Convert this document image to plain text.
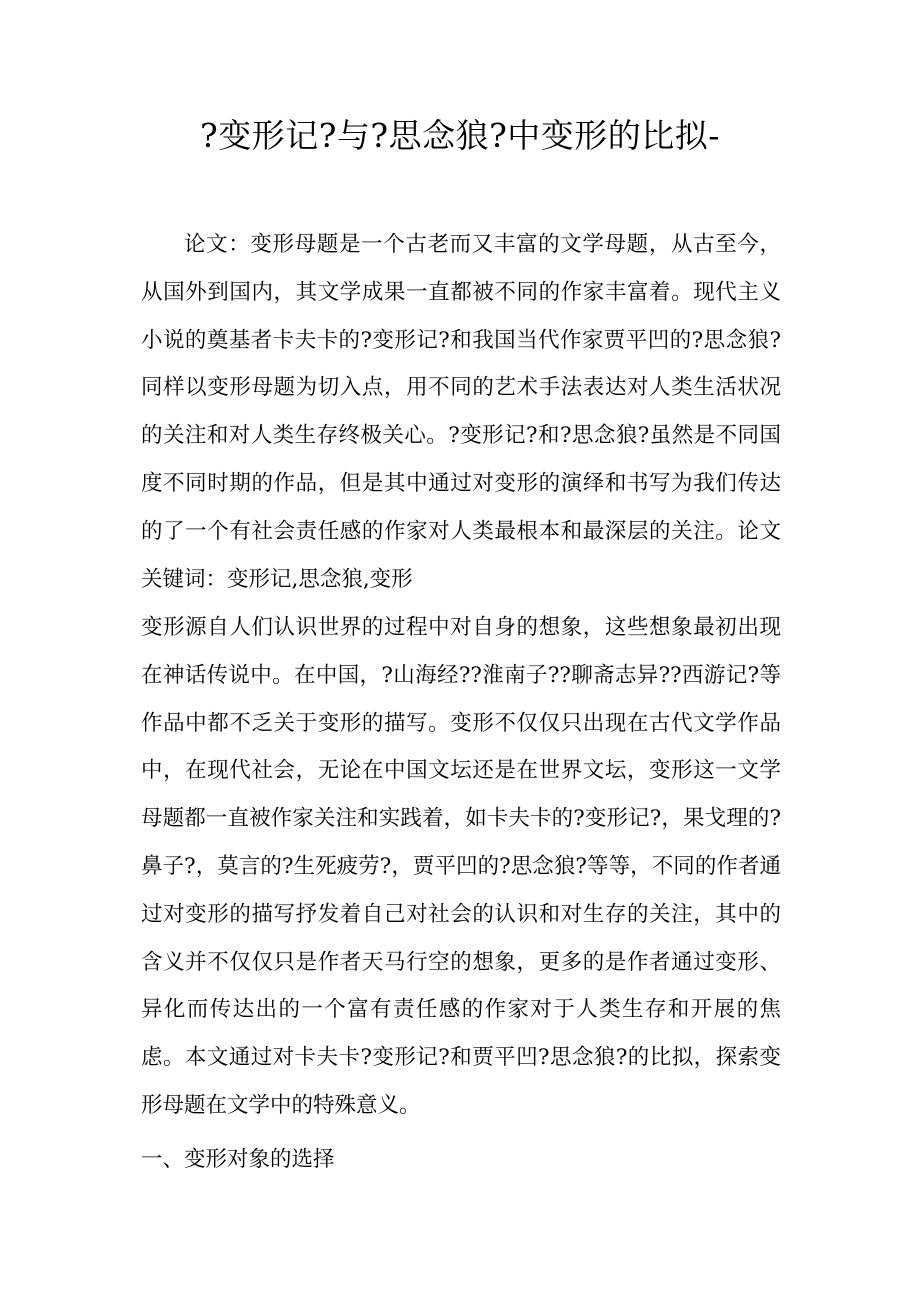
?变形记?与?思念狼?中变形的比拟-
论文：变形母题是一个古老而又丰富的文学母题，从古至今，从国外到国内，其文学成果一直都被不同的作家丰富着。现代主义小说的奠基者卡夫卡的?变形记?和我国当代作家贾平凹的?思念狼?同样以变形母题为切入点，用不同的艺术手法表达对人类生活状况的关注和对人类生存终极关心。?变形记?和?思念狼?虽然是不同国度不同时期的作品，但是其中通过对变形的演绎和书写为我们传达的了一个有社会责任感的作家对人类最根本和最深层的关注。论文关键词：变形记,思念狼,变形
变形源自人们认识世界的过程中对自身的想象，这些想象最初出现在神话传说中。在中国，?山海经??淮南子??聊斋志异??西游记?等作品中都不乏关于变形的描写。变形不仅仅只出现在古代文学作品中，在现代社会，无论在中国文坛还是在世界文坛，变形这一文学母题都一直被作家关注和实践着，如卡夫卡的?变形记?，果戈理的?鼻子?，莫言的?生死疲劳?，贾平凹的?思念狼?等等，不同的作者通过对变形的描写抒发着自己对社会的认识和对生存的关注，其中的含义并不仅仅只是作者天马行空的想象，更多的是作者通过变形、异化而传达出的一个富有责任感的作家对于人类生存和开展的焦虑。本文通过对卡夫卡?变形记?和贾平凹?思念狼?的比拟，探索变形母题在文学中的特殊意义。
一、变形对象的选择
